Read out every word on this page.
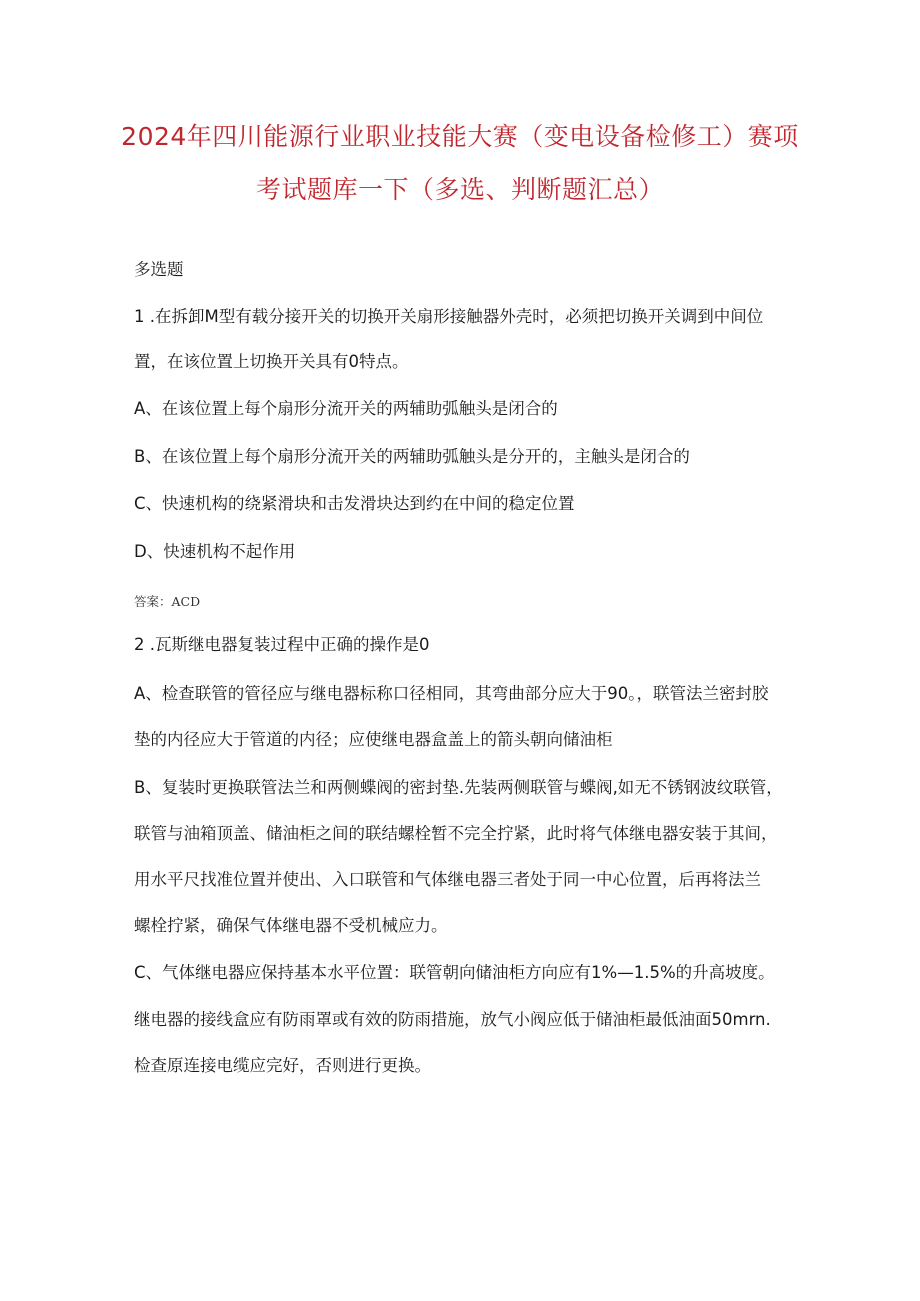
2024年四川能源行业职业技能大赛（变电设备检修工）赛项
考试题库一下（多选、判断题汇总）
多选题
1 .在拆卸M型有载分接开关的切换开关扇形接触器外壳时，必须把切换开关调到中间位
置，在该位置上切换开关具有0特点。
A、在该位置上每个扇形分流开关的两辅助弧触头是闭合的
B、在该位置上每个扇形分流开关的两辅助弧触头是分开的，主触头是闭合的
C、快速机构的绕紧滑块和击发滑块达到约在中间的稳定位置
D、快速机构不起作用
答案：ACD
2 .瓦斯继电器复装过程中正确的操作是0
A、检查联管的管径应与继电器标称口径相同，其弯曲部分应大于90。，联管法兰密封胶
垫的内径应大于管道的内径；应使继电器盒盖上的箭头朝向储油柜
B、复装时更换联管法兰和两侧蝶阀的密封垫.先装两侧联管与蝶阀,如无不锈钢波纹联管，
联管与油箱顶盖、储油柜之间的联结螺栓暂不完全拧紧，此时将气体继电器安装于其间，
用水平尺找准位置并使出、入口联管和气体继电器三者处于同一中心位置，后再将法兰
螺栓拧紧，确保气体继电器不受机械应力。
C、气体继电器应保持基本水平位置：联管朝向储油柜方向应有1%—1.5%的升高坡度。
继电器的接线盒应有防雨罩或有效的防雨措施，放气小阀应低于储油柜最低油面50mrn.
检查原连接电缆应完好，否则进行更换。
